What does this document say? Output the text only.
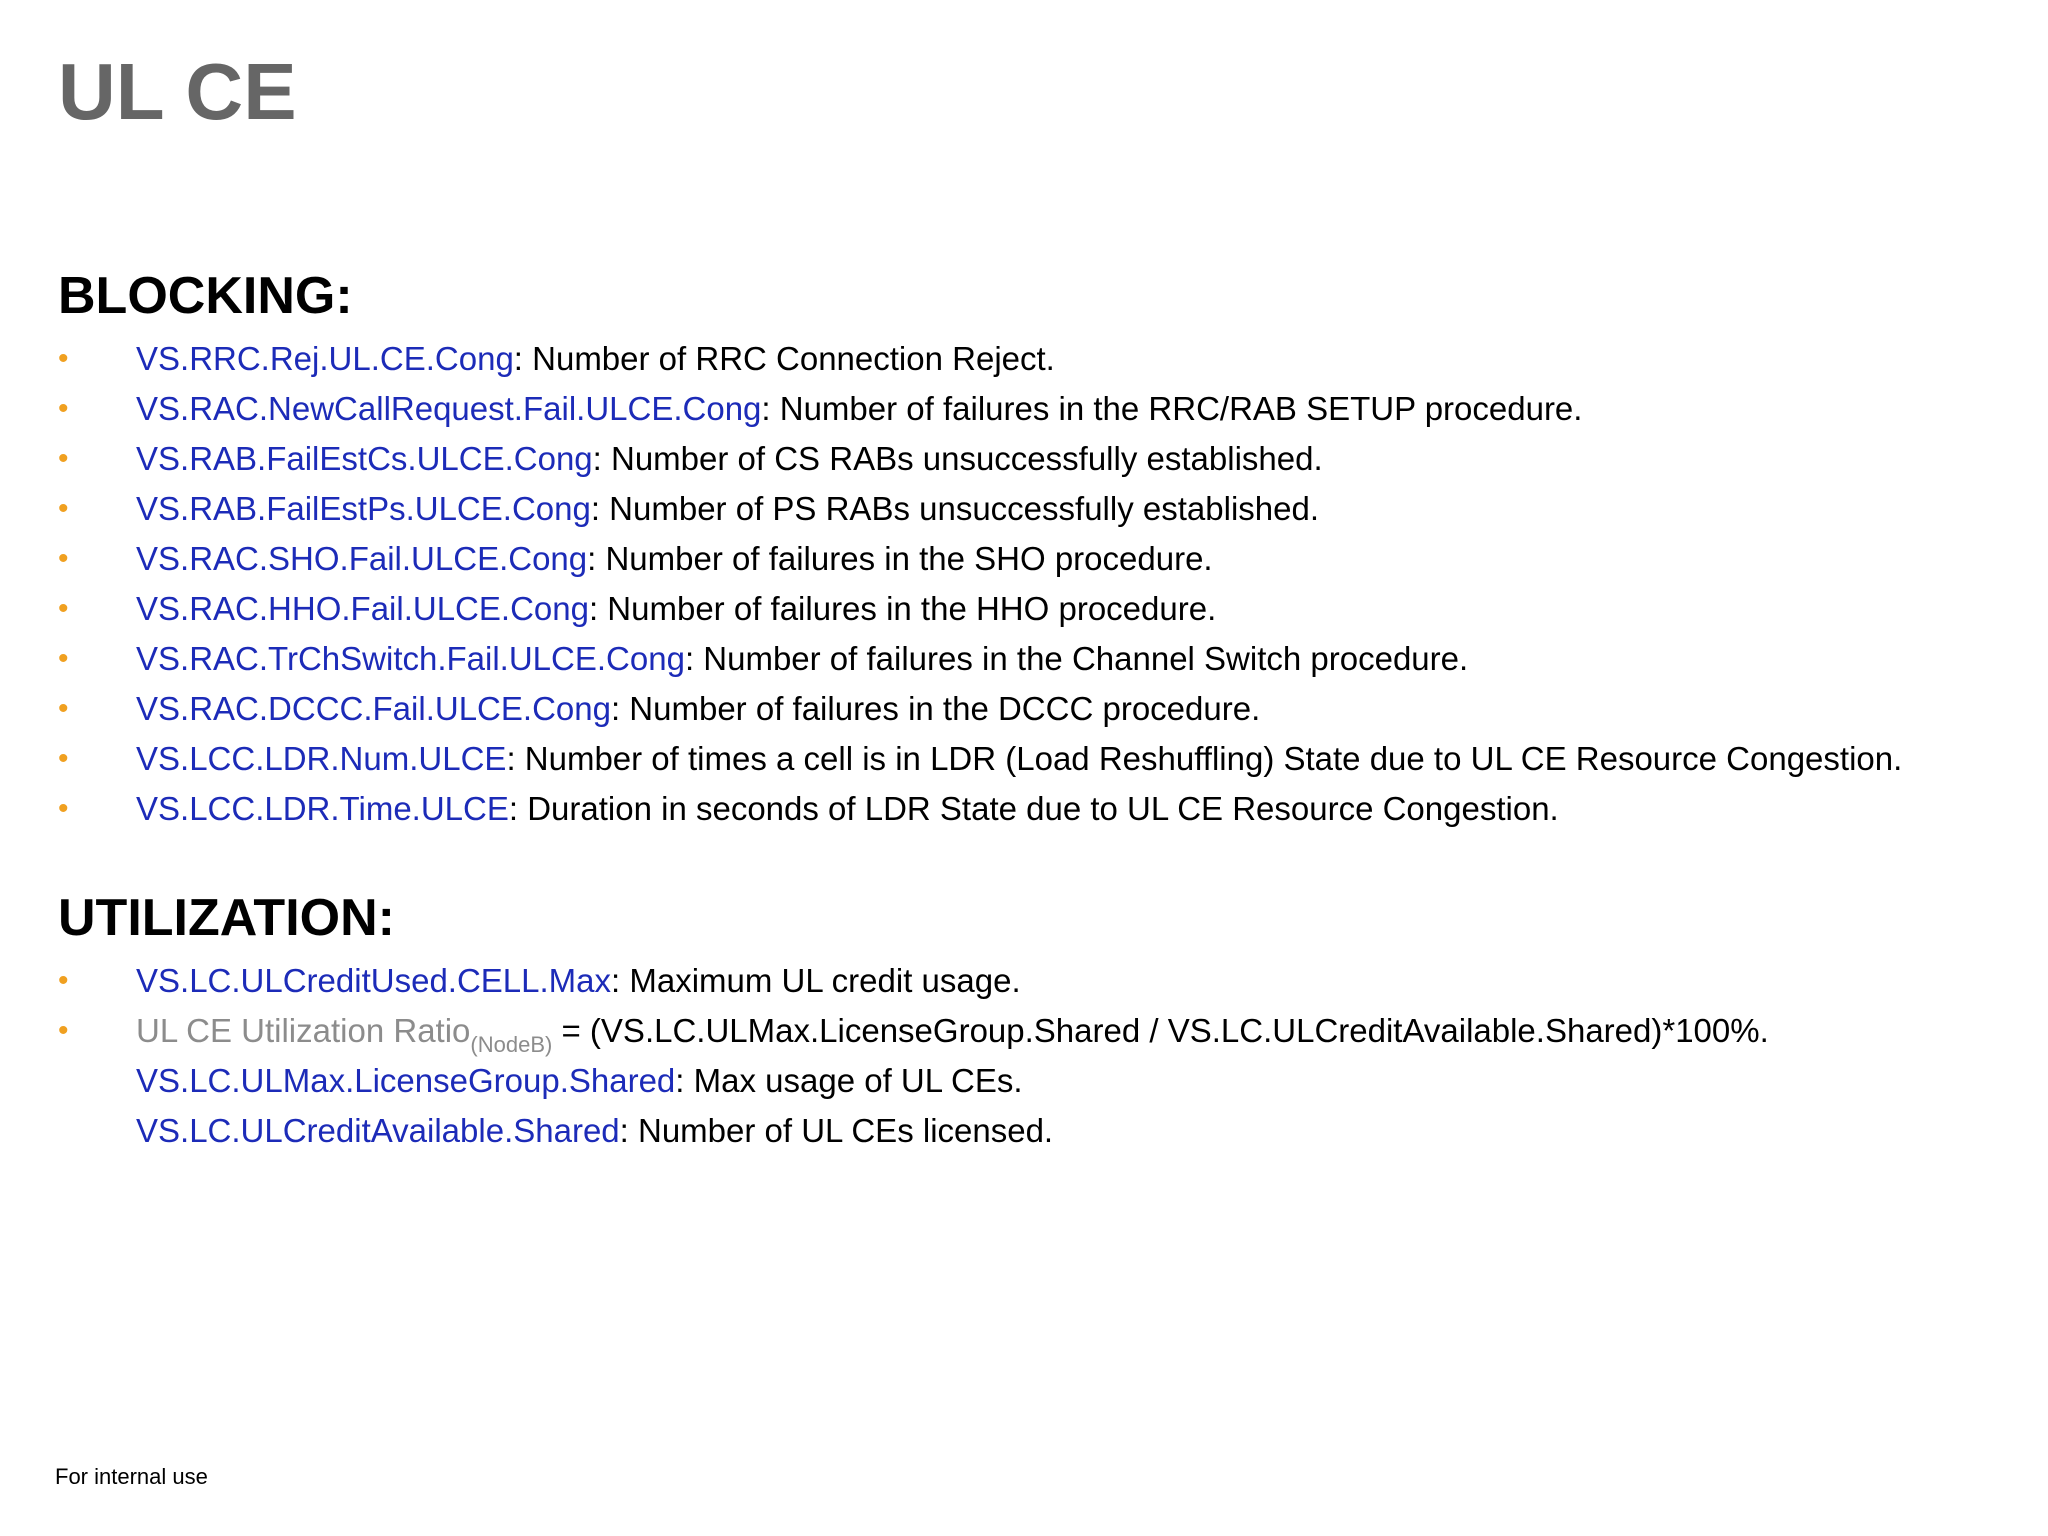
UL CE
BLOCKING:
• VS.RRC.Rej.UL.CE.Cong: Number of RRC Connection Reject.
• VS.RAC.NewCallRequest.Fail.ULCE.Cong: Number of failures in the RRC/RAB SETUP procedure.
• VS.RAB.FailEstCs.ULCE.Cong: Number of CS RABs unsuccessfully established.
• VS.RAB.FailEstPs.ULCE.Cong: Number of PS RABs unsuccessfully established.
• VS.RAC.SHO.Fail.ULCE.Cong: Number of failures in the SHO procedure.
• VS.RAC.HHO.Fail.ULCE.Cong: Number of failures in the HHO procedure.
• VS.RAC.TrChSwitch.Fail.ULCE.Cong: Number of failures in the Channel Switch procedure.
• VS.RAC.DCCC.Fail.ULCE.Cong: Number of failures in the DCCC procedure.
• VS.LCC.LDR.Num.ULCE: Number of times a cell is in LDR (Load Reshuffling) State due to UL CE Resource Congestion.
• VS.LCC.LDR.Time.ULCE: Duration in seconds of LDR State due to UL CE Resource Congestion.
UTILIZATION:
• VS.LC.ULCreditUsed.CELL.Max: Maximum UL credit usage.
• UL CE Utilization Ratio$_{(NodeB)}$ = (VS.LC.ULMax.LicenseGroup.Shared / VS.LC.ULCreditAvailable.Shared)*100%.
VS.LC.ULMax.LicenseGroup.Shared: Max usage of UL CEs.
VS.LC.ULCreditAvailable.Shared: Number of UL CEs licensed.
For internal use
